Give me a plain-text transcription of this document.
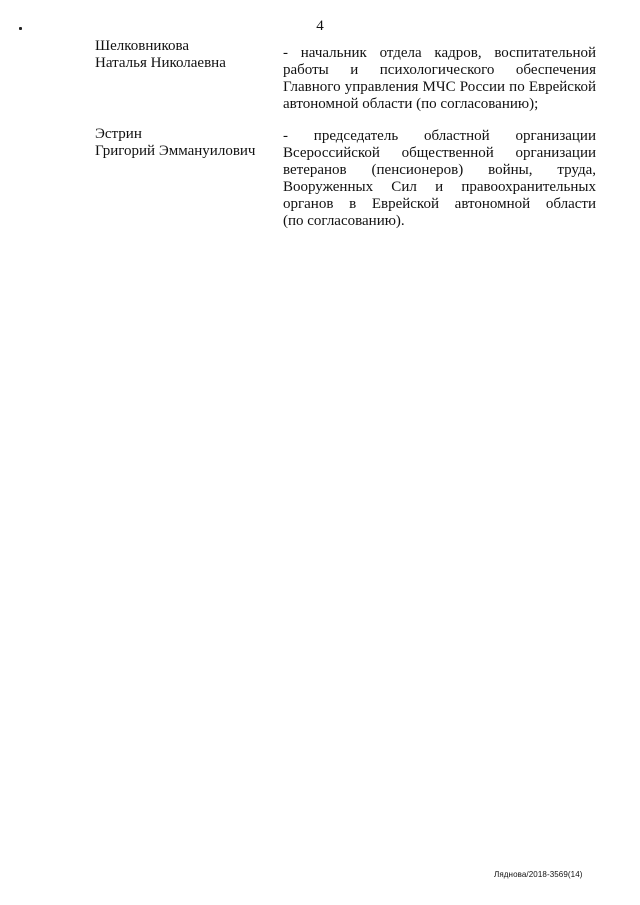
4
Шелковникова
Наталья Николаевна
- начальник отдела кадров, воспитательной
работы и психологического обеспечения
Главного управления МЧС России по Еврейской
автономной области (по согласованию);
Эстрин
Григорий Эммануилович
- председатель областной организации
Всероссийской общественной организации
ветеранов (пенсионеров) войны, труда,
Вооруженных Сил и правоохранительных
органов в Еврейской автономной области
(по согласованию).
Ляднова/2018-3569(14)
